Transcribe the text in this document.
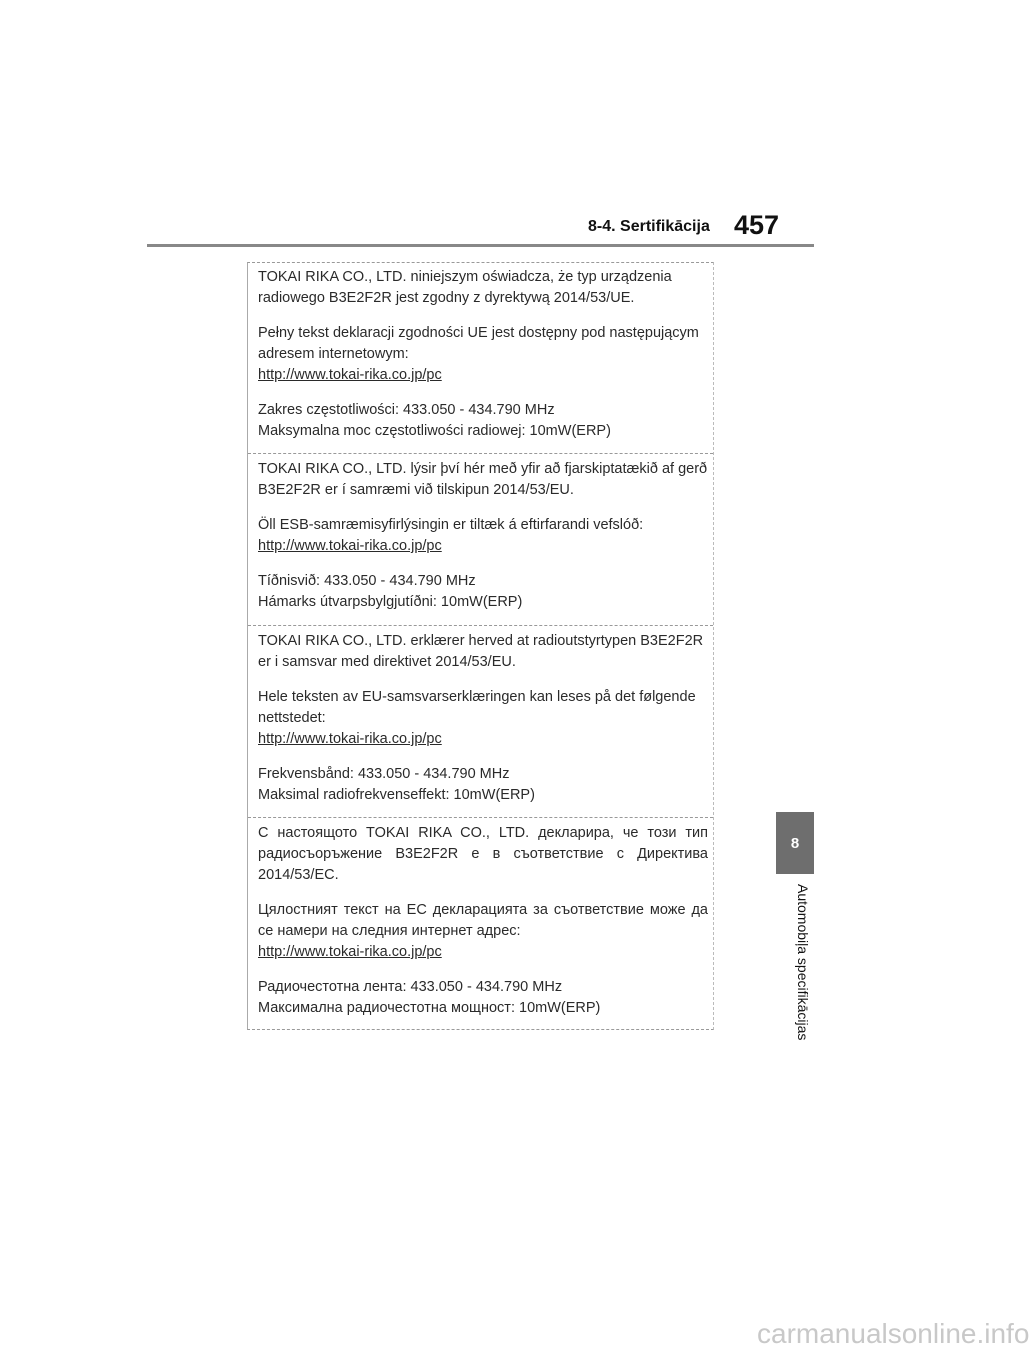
8-4. Sertifikācija 457
8
Automobiļa specifikācijas

TOKAI RIKA CO., LTD. niniejszym oświadcza, że typ urządzenia radiowego B3E2F2R jest zgodny z dyrektywą 2014/53/UE.

Pełny tekst deklaracji zgodności UE jest dostępny pod następującym adresem internetowym:

http://www.tokai-rika.co.jp/pc

Zakres częstotliwości: 433.050 - 434.790 MHz

Maksymalna moc częstotliwości radiowej: 10mW(ERP)

TOKAI RIKA CO., LTD. lýsir því hér með yfir að fjarskiptatækið af gerð B3E2F2R er í samræmi við tilskipun 2014/53/EU.

Öll ESB-samræmisyfirlýsingin er tiltæk á eftirfarandi vefslóð:

http://www.tokai-rika.co.jp/pc

Tíðnisvið: 433.050 - 434.790 MHz

Hámarks útvarpsbylgjutíðni: 10mW(ERP)

TOKAI RIKA CO., LTD. erklærer herved at radioutstyrtypen B3E2F2R er i samsvar med direktivet 2014/53/EU.

Hele teksten av EU-samsvarserklæringen kan leses på det følgende nettstedet:

http://www.tokai-rika.co.jp/pc

Frekvensbånd: 433.050 - 434.790 MHz

Maksimal radiofrekvenseffekt: 10mW(ERP)

С настоящото TOKAI RIKA CO., LTD. декларира, че този тип радиосъоръжение B3E2F2R е в съответствие с Директива 2014/53/ЕС.

Цялостният текст на ЕС декларацията за съответствие може да се намери на следния интернет адрес:

http://www.tokai-rika.co.jp/pc

Радиочестотна лента: 433.050 - 434.790 MHz

Максимална радиочестотна мощност: 10mW(ERP)

carmanualsonline.info
